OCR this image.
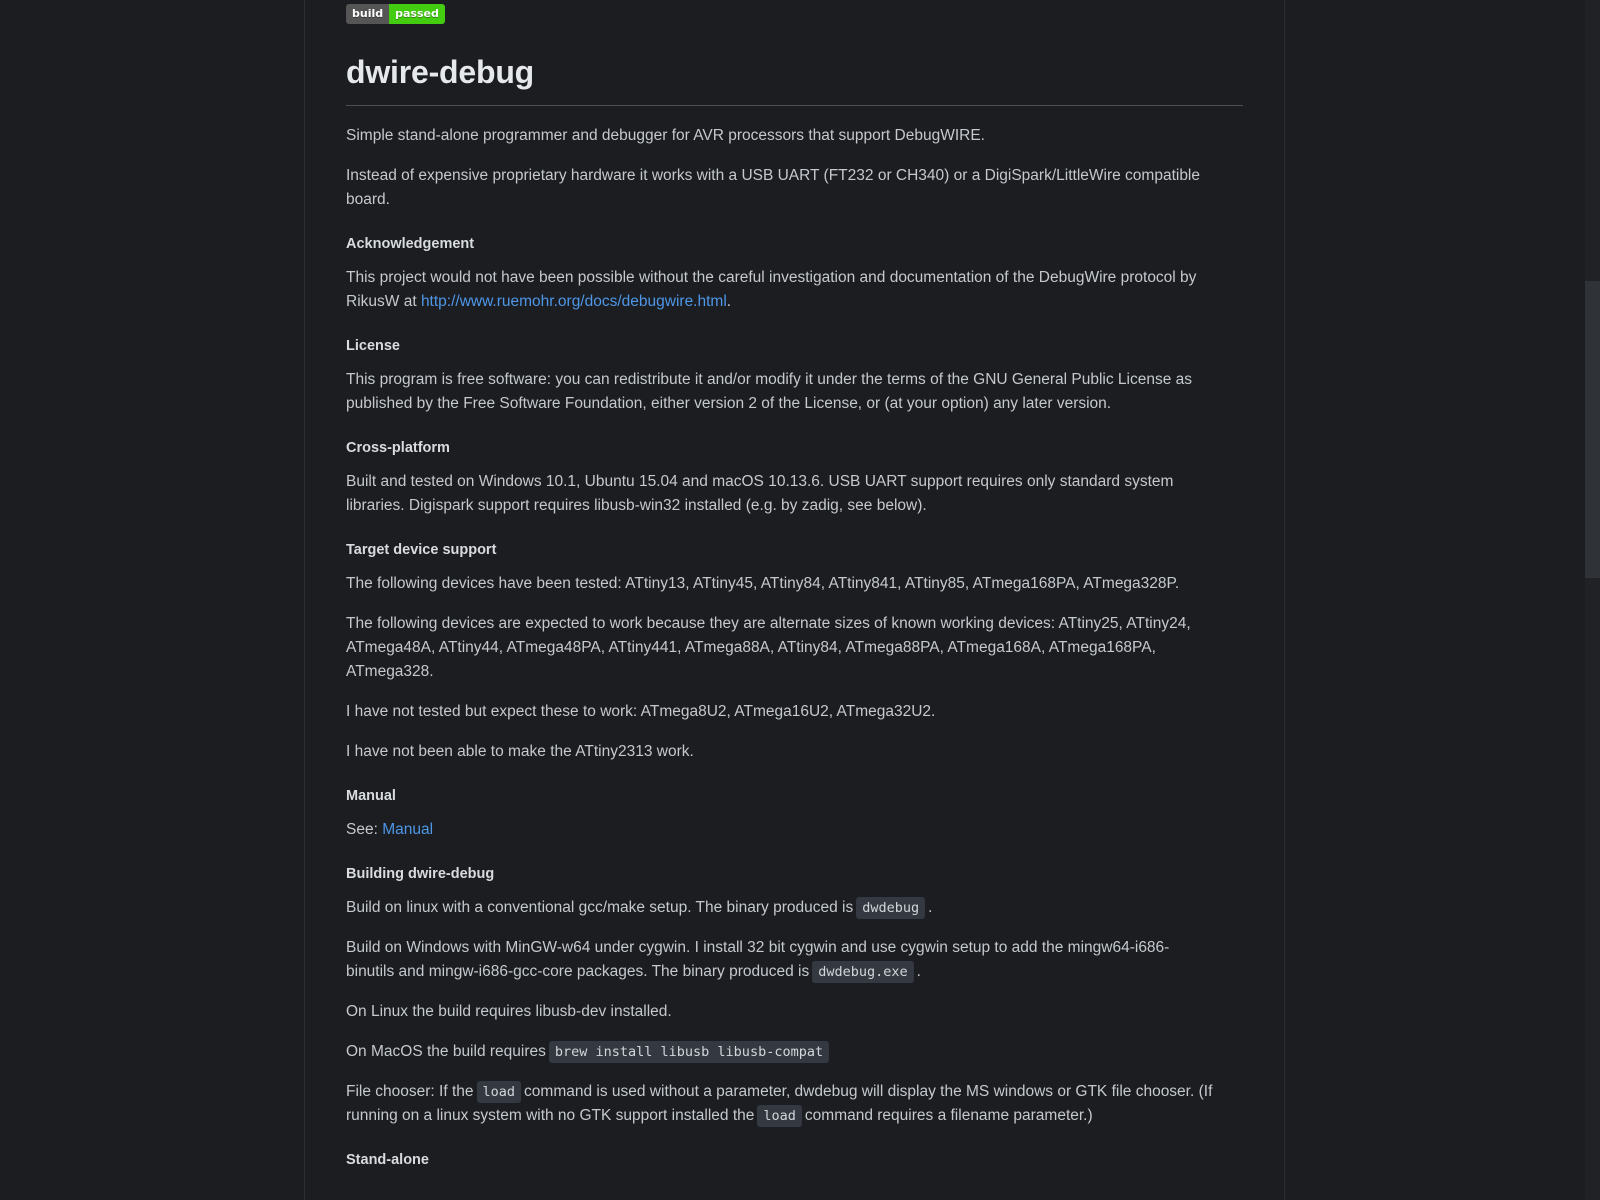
build	passed
dwire-debug

Simple stand-alone programmer and debugger for AVR processors that support DebugWIRE.

Instead of expensive proprietary hardware it works with a USB UART (FT232 or CH340) or a DigiSpark/LittleWire compatible board.

Acknowledgement

This project would not have been possible without the careful investigation and documentation of the DebugWire protocol by RikusW at http://www.ruemohr.org/docs/debugwire.html.

License

This program is free software: you can redistribute it and/or modify it under the terms of the GNU General Public License as published by the Free Software Foundation, either version 2 of the License, or (at your option) any later version.

Cross-platform

Built and tested on Windows 10.1, Ubuntu 15.04 and macOS 10.13.6. USB UART support requires only standard system libraries. Digispark support requires libusb-win32 installed (e.g. by zadig, see below).

Target device support

The following devices have been tested: ATtiny13, ATtiny45, ATtiny84, ATtiny841, ATtiny85, ATmega168PA, ATmega328P.

The following devices are expected to work because they are alternate sizes of known working devices: ATtiny25, ATtiny24, ATmega48A, ATtiny44, ATmega48PA, ATtiny441, ATmega88A, ATtiny84, ATmega88PA, ATmega168A, ATmega168PA, ATmega328.

I have not tested but expect these to work: ATmega8U2, ATmega16U2, ATmega32U2.

I have not been able to make the ATtiny2313 work.

Manual

See: Manual

Building dwire-debug

Build on linux with a conventional gcc/make setup. The binary produced is dwdebug .

Build on Windows with MinGW-w64 under cygwin. I install 32 bit cygwin and use cygwin setup to add the mingw64-i686-binutils and mingw-i686-gcc-core packages. The binary produced is dwdebug.exe .

On Linux the build requires libusb-dev installed.

On MacOS the build requires brew install libusb libusb-compat

File chooser: If the load command is used without a parameter, dwdebug will display the MS windows or GTK file chooser. (If running on a linux system with no GTK support installed the load command requires a filename parameter.)

Stand-alone
